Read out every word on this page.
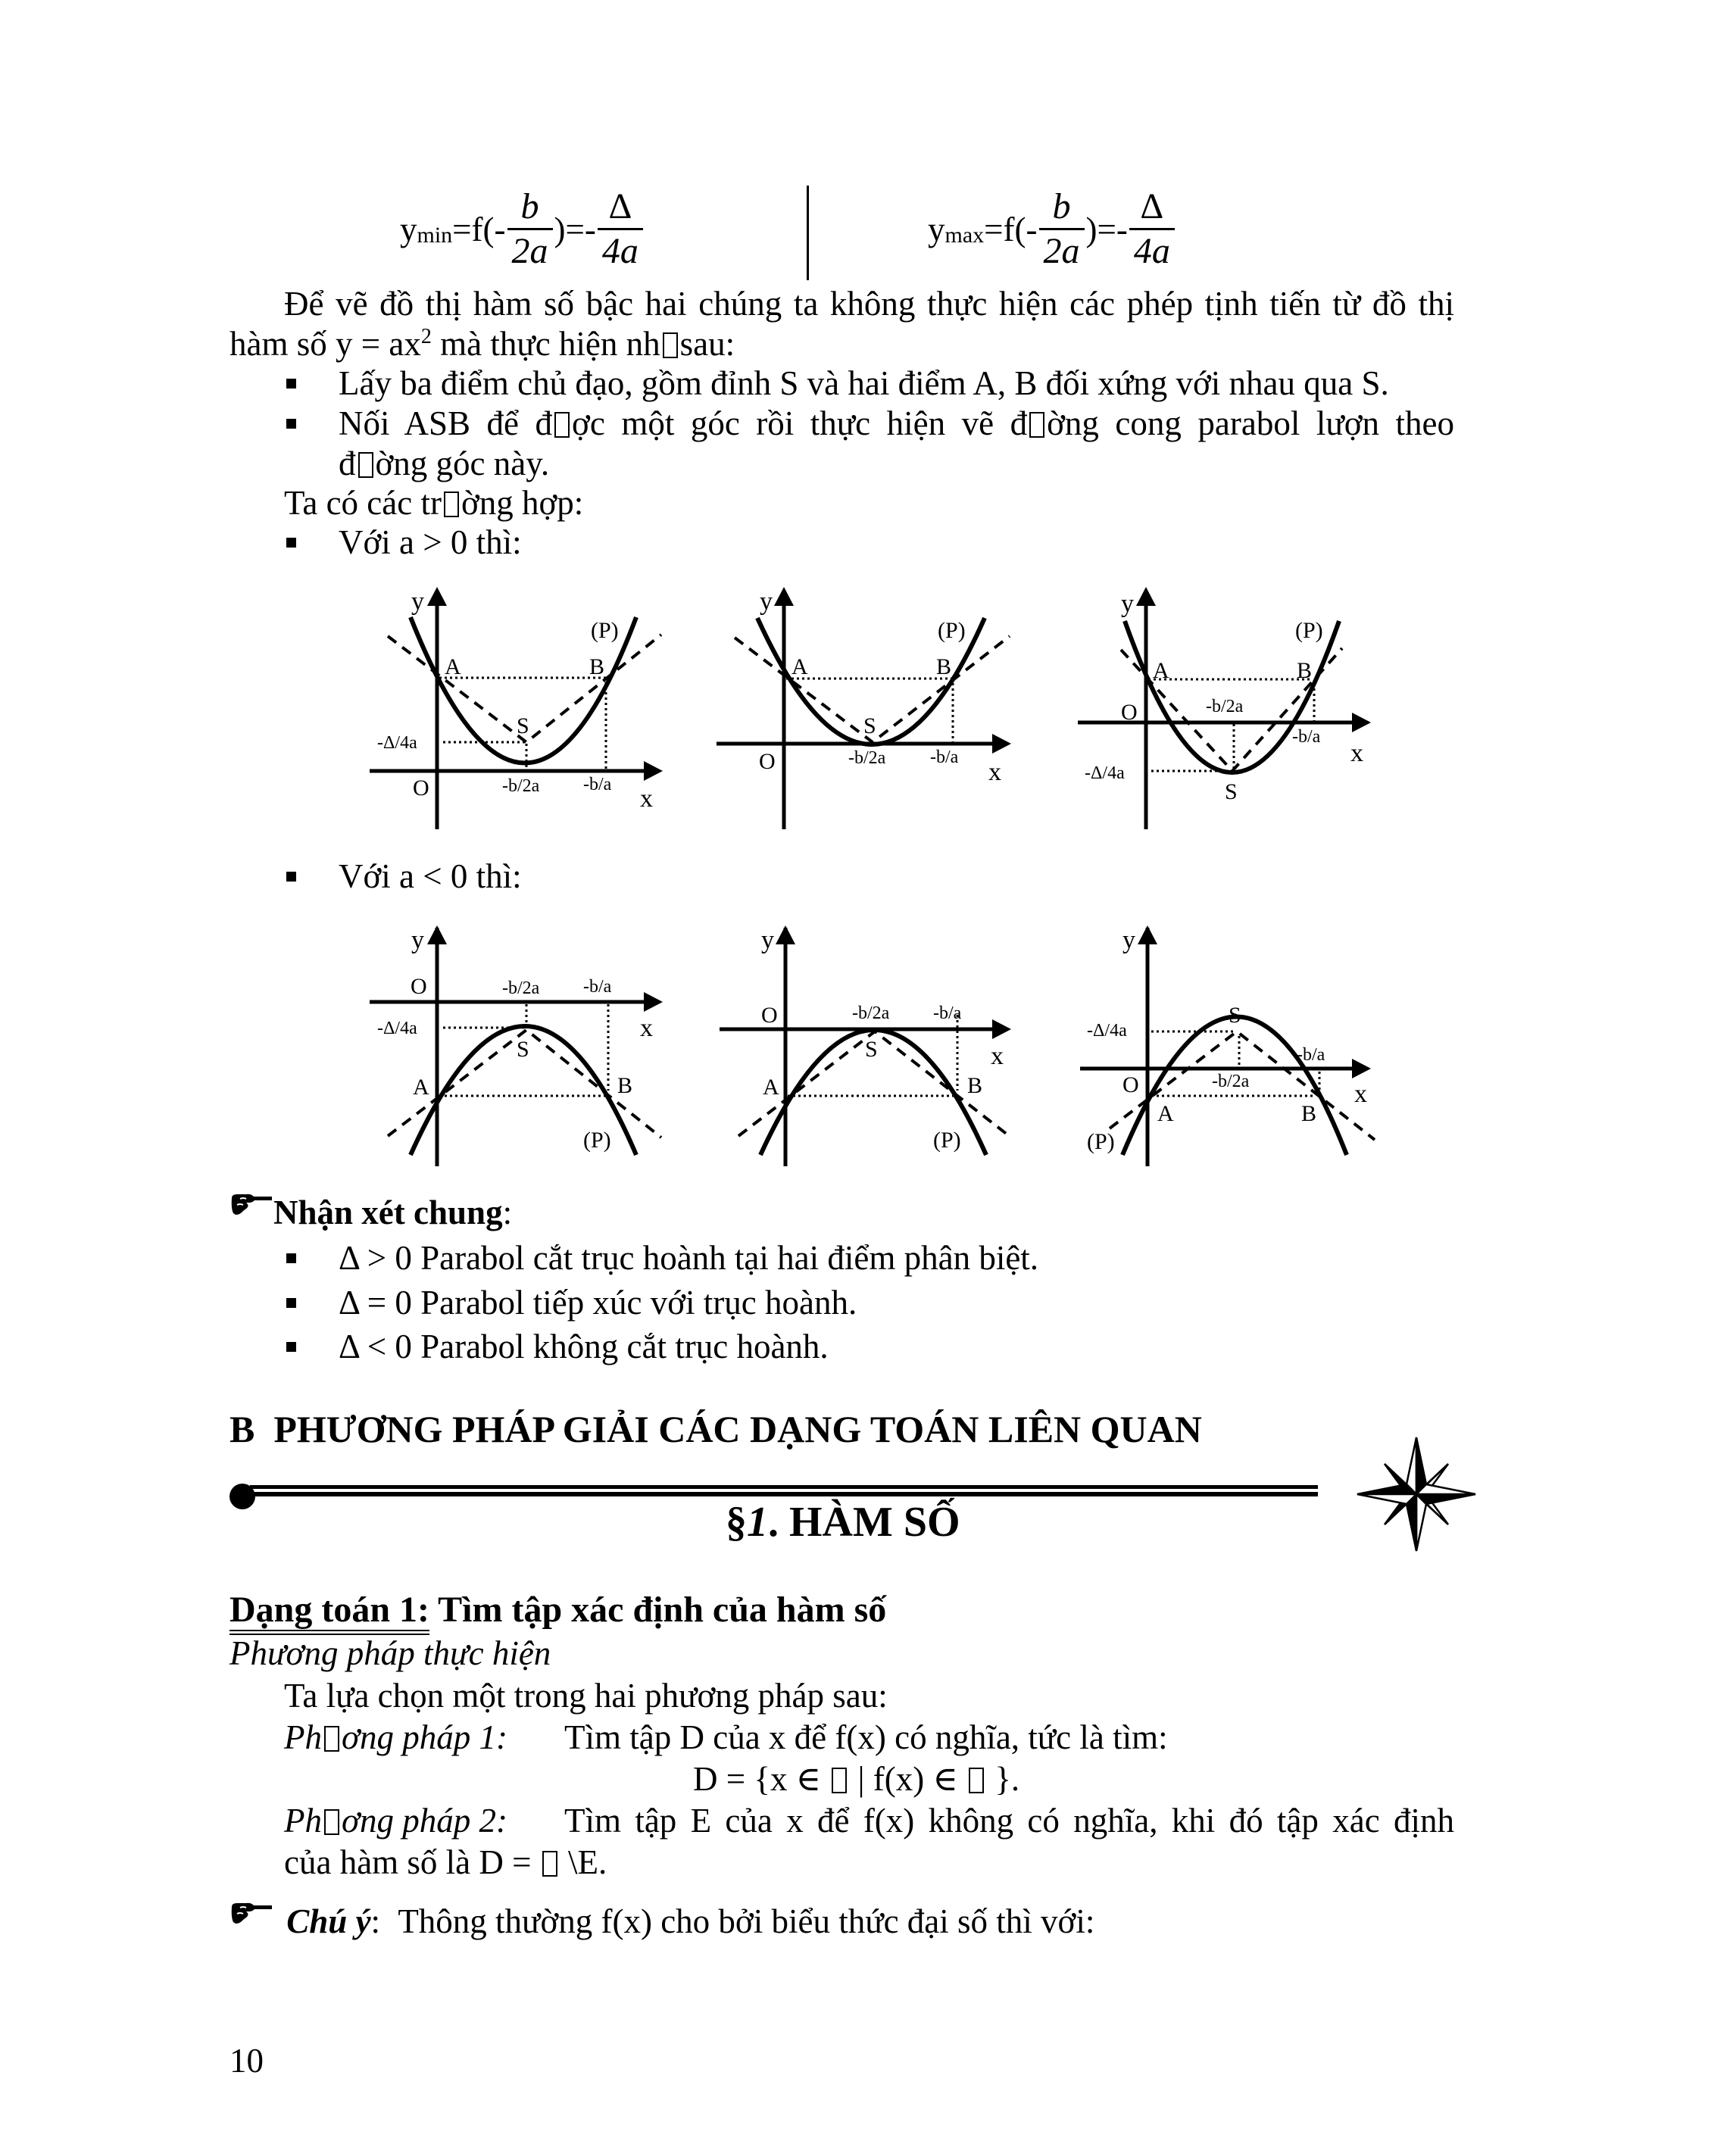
y $\min =f(- \frac{b}{2a}$ )=- $\frac{\Delta}{4a}$	y $\max =f(- \frac{b}{2a}$ )=- $\frac{\Delta}{4a}$
Để vẽ đồ thị hàm số bậc hai chúng ta không thực hiện các phép tịnh tiến từ đồ thị
hàm số $y = ax^2$ mà thực hiện nh sau:
Lấy ba điểm chủ đạo, gồm đỉnh S và hai điểm A, B đối xứng với nhau qua S.
Nối ASB để đ ợc một góc rồi thực hiện vẽ đ ờng cong parabol lượn theo
đ ờng góc này.
Ta có các tr ờng hợp:
Với a > 0 thì:
y
x
O
A	B
S
(P)
-Δ/4a
-b/2a -b/a
y
x
O
A	B
S
(P)
-b/2a -b/a
y
x
O
A	B
S
(P)
-Δ/4a
-b/2a
-b/a
Với a < 0 thì:
y
x
O
A	B
S
(P)
-Δ/4a
-b/2a -b/a
y
x
O
A	B
S
(P)
-b/2a -b/a
y
x
O
A	B
S
(P)
-Δ/4a
-b/2a
-b/a
Nhận xét chung:
Δ > 0 Parabol cắt trục hoành tại hai điểm phân biệt.
Δ = 0 Parabol tiếp xúc với trục hoành.
Δ < 0 Parabol không cắt trục hoành.
B  PHƯƠNG PHÁP GIẢI CÁC DẠNG TOÁN LIÊN QUAN
§1. HÀM SỐ
Dạng toán 1: Tìm tập xác định của hàm số
Phương pháp thực hiện
Ta lựa chọn một trong hai phương pháp sau:
Ph ơng pháp 1: Tìm tập D của x để f(x) có nghĩa, tức là tìm:
D = {x ∈  | f(x) ∈  }.
Ph ơng pháp 2: Tìm tập E của x để f(x) không có nghĩa, khi đó tập xác định
của hàm số là D =  \E.
Chú ý: Thông thường f(x) cho bởi biểu thức đại số thì với:
10
